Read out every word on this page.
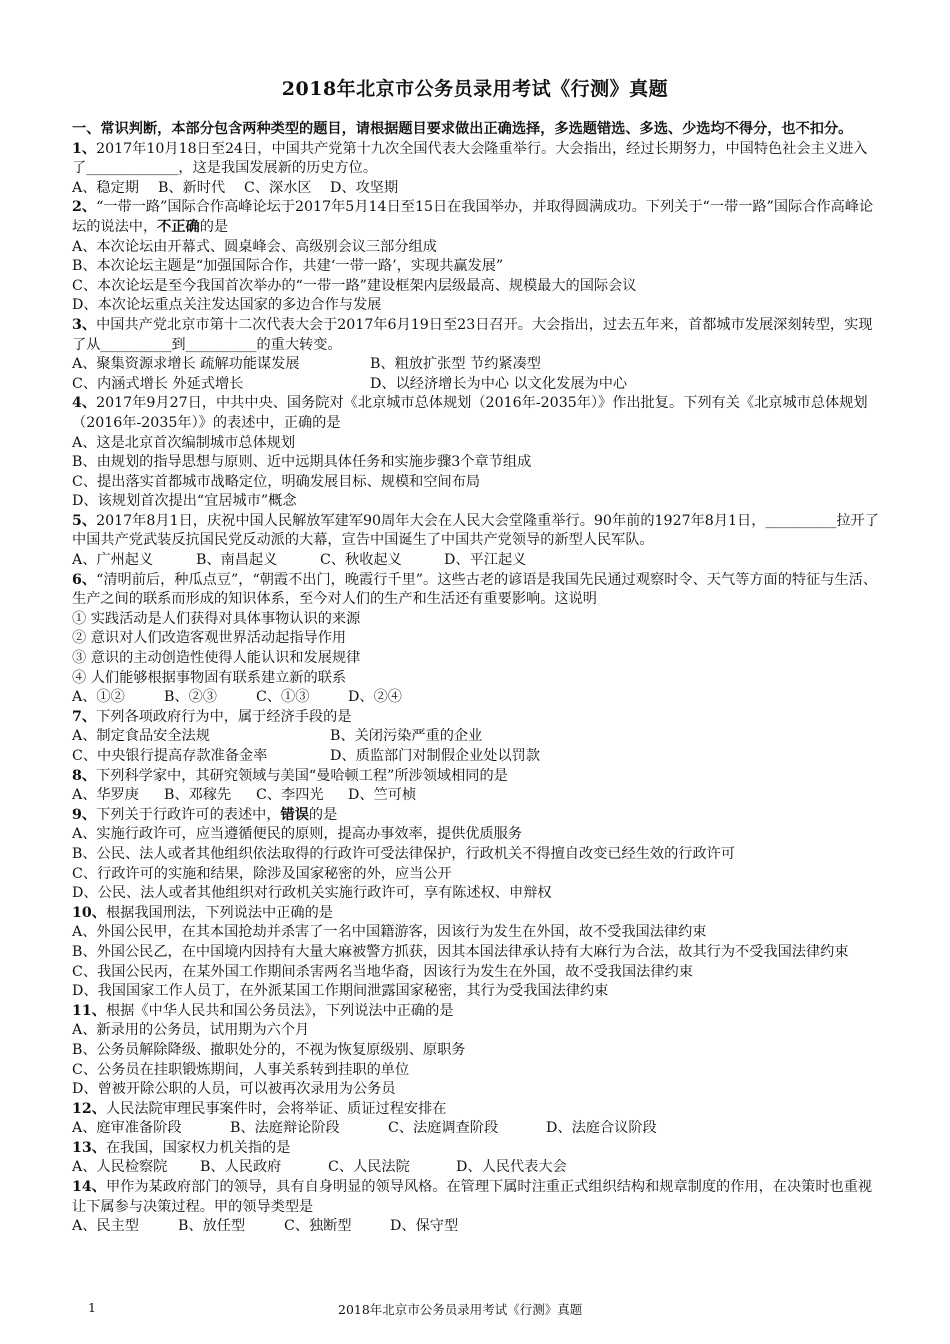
2018年北京市公务员录用考试《行测》真题

一、常识判断，本部分包含两种类型的题目，请根据题目要求做出正确选择，多选题错选、多选、少选均不得分，也不扣分。

1、2017年10月18日至24日，中国共产党第十九次全国代表大会隆重举行。大会指出，经过长期努力，中国特色社会主义进入了_____________，这是我国发展新的历史方位。

A、稳定期 B、新时代 C、深水区 D、攻坚期

2、“一带一路”国际合作高峰论坛于2017年5月14日至15日在我国举办，并取得圆满成功。下列关于“一带一路”国际合作高峰论坛的说法中，不正确的是

A、本次论坛由开幕式、圆桌峰会、高级别会议三部分组成

B、本次论坛主题是“加强国际合作，共建‘一带一路’，实现共赢发展”

C、本次论坛是至今我国首次举办的“一带一路”建设框架内层级最高、规模最大的国际会议

D、本次论坛重点关注发达国家的多边合作与发展

3、中国共产党北京市第十二次代表大会于2017年6月19日至23日召开。大会指出，过去五年来，首都城市发展深刻转型，实现了从__________到__________的重大转变。

A、聚集资源求增长 疏解功能谋发展	B、粗放扩张型 节约紧凑型

C、内涵式增长 外延式增长	D、以经济增长为中心 以文化发展为中心

4、2017年9月27日，中共中央、国务院对《北京城市总体规划（2016年-2035年）》作出批复。下列有关《北京城市总体规划（2016年-2035年）》的表述中，正确的是

A、这是北京首次编制城市总体规划

B、由规划的指导思想与原则、近中远期具体任务和实施步骤3个章节组成

C、提出落实首都城市战略定位，明确发展目标、规模和空间布局

D、该规划首次提出“宜居城市”概念

5、2017年8月1日，庆祝中国人民解放军建军90周年大会在人民大会堂隆重举行。90年前的1927年8月1日，__________拉开了中国共产党武装反抗国民党反动派的大幕，宣告中国诞生了中国共产党领导的新型人民军队。

A、广州起义	B、南昌起义	C、秋收起义	D、平江起义

6、“清明前后，种瓜点豆”，“朝霞不出门，晚霞行千里”。这些古老的谚语是我国先民通过观察时令、天气等方面的特征与生活、生产之间的联系而形成的知识体系，至今对人们的生产和生活还有重要影响。这说明

① 实践活动是人们获得对具体事物认识的来源

② 意识对人们改造客观世界活动起指导作用

③ 意识的主动创造性使得人能认识和发展规律

④ 人们能够根据事物固有联系建立新的联系

A、①②	B、②③	C、①③	D、②④

7、下列各项政府行为中，属于经济手段的是

A、制定食品安全法规	B、关闭污染严重的企业

C、中央银行提高存款准备金率	D、质监部门对制假企业处以罚款

8、下列科学家中，其研究领域与美国“曼哈顿工程”所涉领域相同的是

A、华罗庚 B、邓稼先 C、李四光 D、竺可桢

9、下列关于行政许可的表述中，错误的是

A、实施行政许可，应当遵循便民的原则，提高办事效率，提供优质服务

B、公民、法人或者其他组织依法取得的行政许可受法律保护，行政机关不得擅自改变已经生效的行政许可

C、行政许可的实施和结果，除涉及国家秘密的外，应当公开

D、公民、法人或者其他组织对行政机关实施行政许可，享有陈述权、申辩权

10、根据我国刑法，下列说法中正确的是

A、外国公民甲，在其本国抢劫并杀害了一名中国籍游客，因该行为发生在外国，故不受我国法律约束

B、外国公民乙，在中国境内因持有大量大麻被警方抓获，因其本国法律承认持有大麻行为合法，故其行为不受我国法律约束

C、我国公民丙，在某外国工作期间杀害两名当地华裔，因该行为发生在外国，故不受我国法律约束

D、我国国家工作人员丁，在外派某国工作期间泄露国家秘密，其行为受我国法律约束

11、根据《中华人民共和国公务员法》，下列说法中正确的是

A、新录用的公务员，试用期为六个月

B、公务员解除降级、撤职处分的，不视为恢复原级别、原职务

C、公务员在挂职锻炼期间，人事关系转到挂职的单位

D、曾被开除公职的人员，可以被再次录用为公务员

12、人民法院审理民事案件时，会将举证、质证过程安排在

A、庭审准备阶段	B、法庭辩论阶段	C、法庭调查阶段	D、法庭合议阶段

13、在我国，国家权力机关指的是

A、人民检察院 B、人民政府	C、人民法院	D、人民代表大会

14、甲作为某政府部门的领导，具有自身明显的领导风格。在管理下属时注重正式组织结构和规章制度的作用，在决策时也重视让下属参与决策过程。甲的领导类型是

A、民主型	B、放任型	C、独断型	D、保守型

1	2018年北京市公务员录用考试《行测》真题
